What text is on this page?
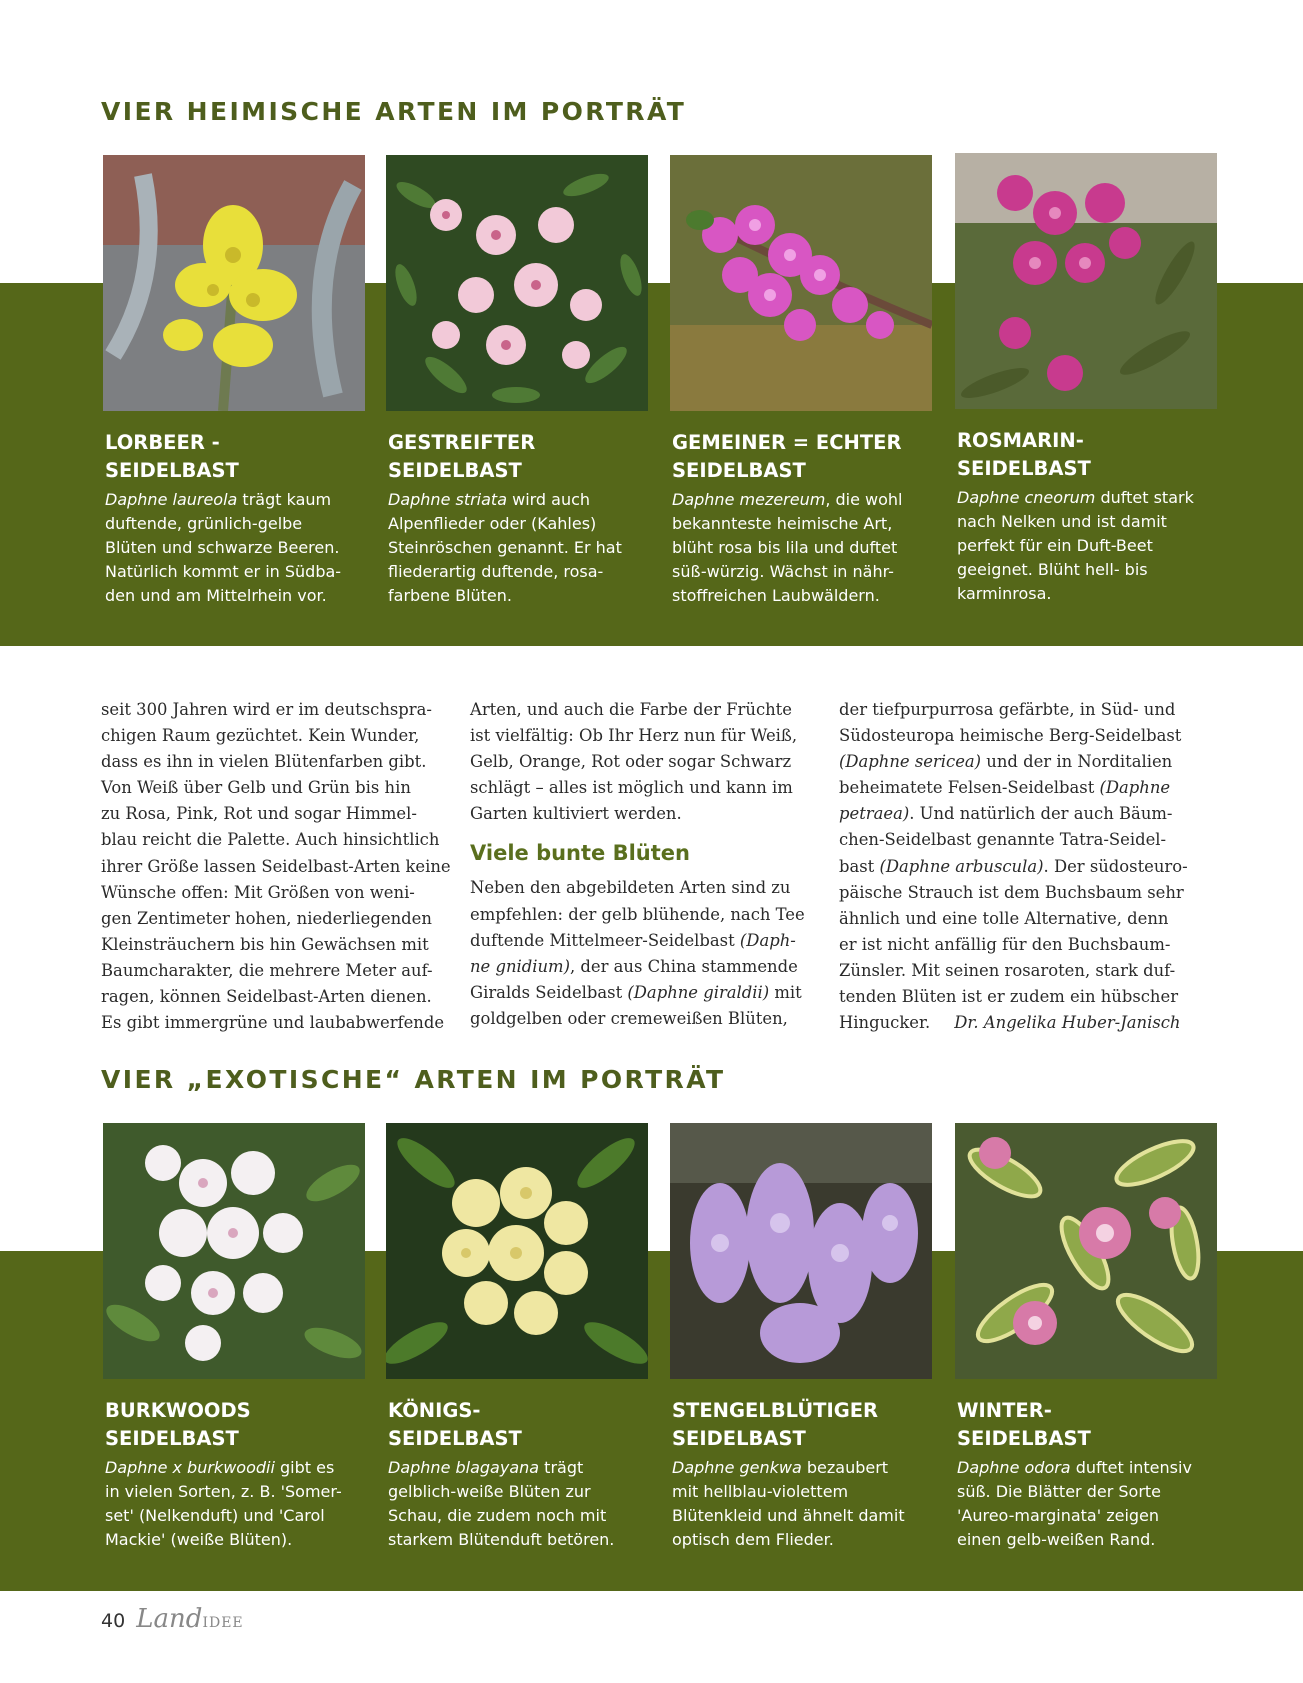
VIER HEIMISCHE ARTEN IM PORTRÄT
LORBEER -
SEIDELBAST
Daphne laureola trägt kaum
duftende, grünlich-gelbe
Blüten und schwarze Beeren.
Natürlich kommt er in Südba-
den und am Mittelrhein vor.
GESTREIFTER
SEIDELBAST
Daphne striata wird auch
Alpenflieder oder (Kahles)
Steinröschen genannt. Er hat
fliederartig duftende, rosa-
farbene Blüten.
GEMEINER = ECHTER
SEIDELBAST
Daphne mezereum, die wohl
bekannteste heimische Art,
blüht rosa bis lila und duftet
süß-würzig. Wächst in nähr-
stoffreichen Laubwäldern.
ROSMARIN-
SEIDELBAST
Daphne cneorum duftet stark
nach Nelken und ist damit
perfekt für ein Duft-Beet
geeignet. Blüht hell- bis
karminrosa.
seit 300 Jahren wird er im deutschspra-
chigen Raum gezüchtet. Kein Wunder,
dass es ihn in vielen Blütenfarben gibt.
Von Weiß über Gelb und Grün bis hin
zu Rosa, Pink, Rot und sogar Himmel-
blau reicht die Palette. Auch hinsichtlich
ihrer Größe lassen Seidelbast-Arten keine
Wünsche offen: Mit Größen von weni-
gen Zentimeter hohen, niederliegenden
Kleinsträuchern bis hin Gewächsen mit
Baumcharakter, die mehrere Meter auf-
ragen, können Seidelbast-Arten dienen.
Es gibt immergrüne und laubabwerfende
Arten, und auch die Farbe der Früchte
ist vielfältig: Ob Ihr Herz nun für Weiß,
Gelb, Orange, Rot oder sogar Schwarz
schlägt – alles ist möglich und kann im
Garten kultiviert werden.
Viele bunte Blüten
Neben den abgebildeten Arten sind zu
empfehlen: der gelb blühende, nach Tee
duftende Mittelmeer-Seidelbast (Daph-
ne gnidium), der aus China stammende
Giralds Seidelbast (Daphne giraldii) mit
goldgelben oder cremeweißen Blüten,
der tiefpurpurrosa gefärbte, in Süd- und
Südosteuropa heimische Berg-Seidelbast
(Daphne sericea) und der in Norditalien
beheimatete Felsen-Seidelbast (Daphne
petraea). Und natürlich der auch Bäum-
chen-Seidelbast genannte Tatra-Seidel-
bast (Daphne arbuscula). Der südosteuro-
päische Strauch ist dem Buchsbaum sehr
ähnlich und eine tolle Alternative, denn
er ist nicht anfällig für den Buchsbaum-
Zünsler. Mit seinen rosaroten, stark duf-
tenden Blüten ist er zudem ein hübscher
Hingucker. Dr. Angelika Huber-Janisch
VIER „EXOTISCHE“ ARTEN IM PORTRÄT
BURKWOODS
SEIDELBAST
Daphne x burkwoodii gibt es
in vielen Sorten, z. B. 'Somer-
set' (Nelkenduft) und 'Carol
Mackie' (weiße Blüten).
KÖNIGS-
SEIDELBAST
Daphne blagayana trägt
gelblich-weiße Blüten zur
Schau, die zudem noch mit
starkem Blütenduft betören.
STENGELBLÜTIGER
SEIDELBAST
Daphne genkwa bezaubert
mit hellblau-violettem
Blütenkleid und ähnelt damit
optisch dem Flieder.
WINTER-
SEIDELBAST
Daphne odora duftet intensiv
süß. Die Blätter der Sorte
'Aureo-marginata' zeigen
einen gelb-weißen Rand.
40 LandIDEE
